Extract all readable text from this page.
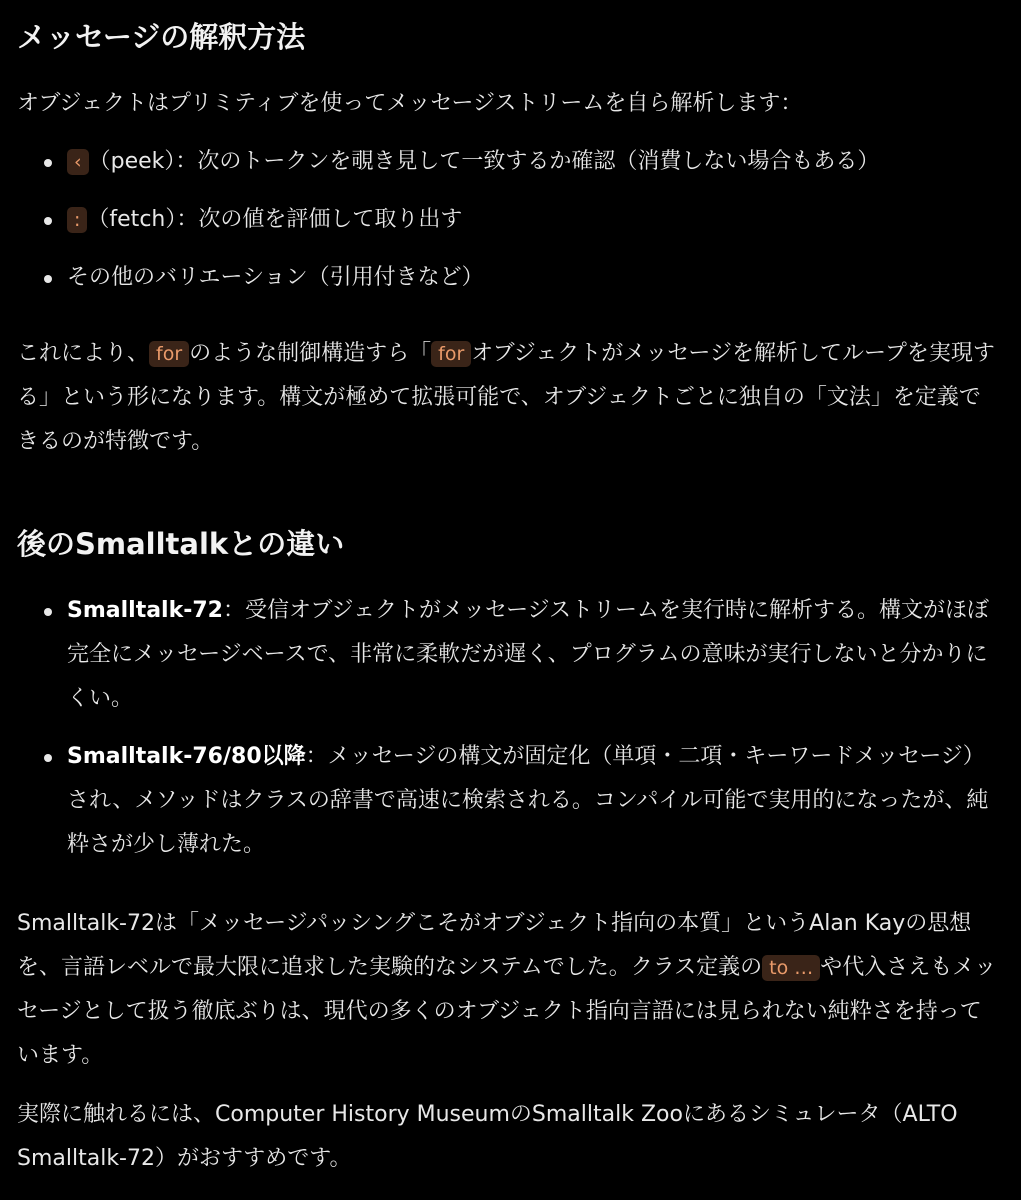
メッセージの解釈方法

オブジェクトはプリミティブを使ってメッセージストリームを自ら解析します：

‹ （peek）：次のトークンを覗き見して一致するか確認（消費しない場合もある）
: （fetch）：次の値を評価して取り出す
その他のバリエーション（引用付きなど）

これにより、 for のような制御構造すら「 for オブジェクトがメッセージを解析してループを実現する」という形になります。構文が極めて拡張可能で、オブジェクトごとに独自の「文法」を定義できるのが特徴です。

後のSmalltalkとの違い
Smalltalk-72：受信オブジェクトがメッセージストリームを実行時に解析する。構文がほぼ完全にメッセージベースで、非常に柔軟だが遅く、プログラムの意味が実行しないと分かりにくい。
Smalltalk-76/80以降：メッセージの構文が固定化（単項・二項・キーワードメッセージ）され、メソッドはクラスの辞書で高速に検索される。コンパイル可能で実用的になったが、純粋さが少し薄れた。

Smalltalk-72は「メッセージパッシングこそがオブジェクト指向の本質」というAlan Kayの思想を、言語レベルで最大限に追求した実験的なシステムでした。クラス定義の to … や代入さえもメッセージとして扱う徹底ぶりは、現代の多くのオブジェクト指向言語には見られない純粋さを持っています。

実際に触れるには、Computer History MuseumのSmalltalk Zooにあるシミュレータ（ALTO Smalltalk-72）がおすすめです。
